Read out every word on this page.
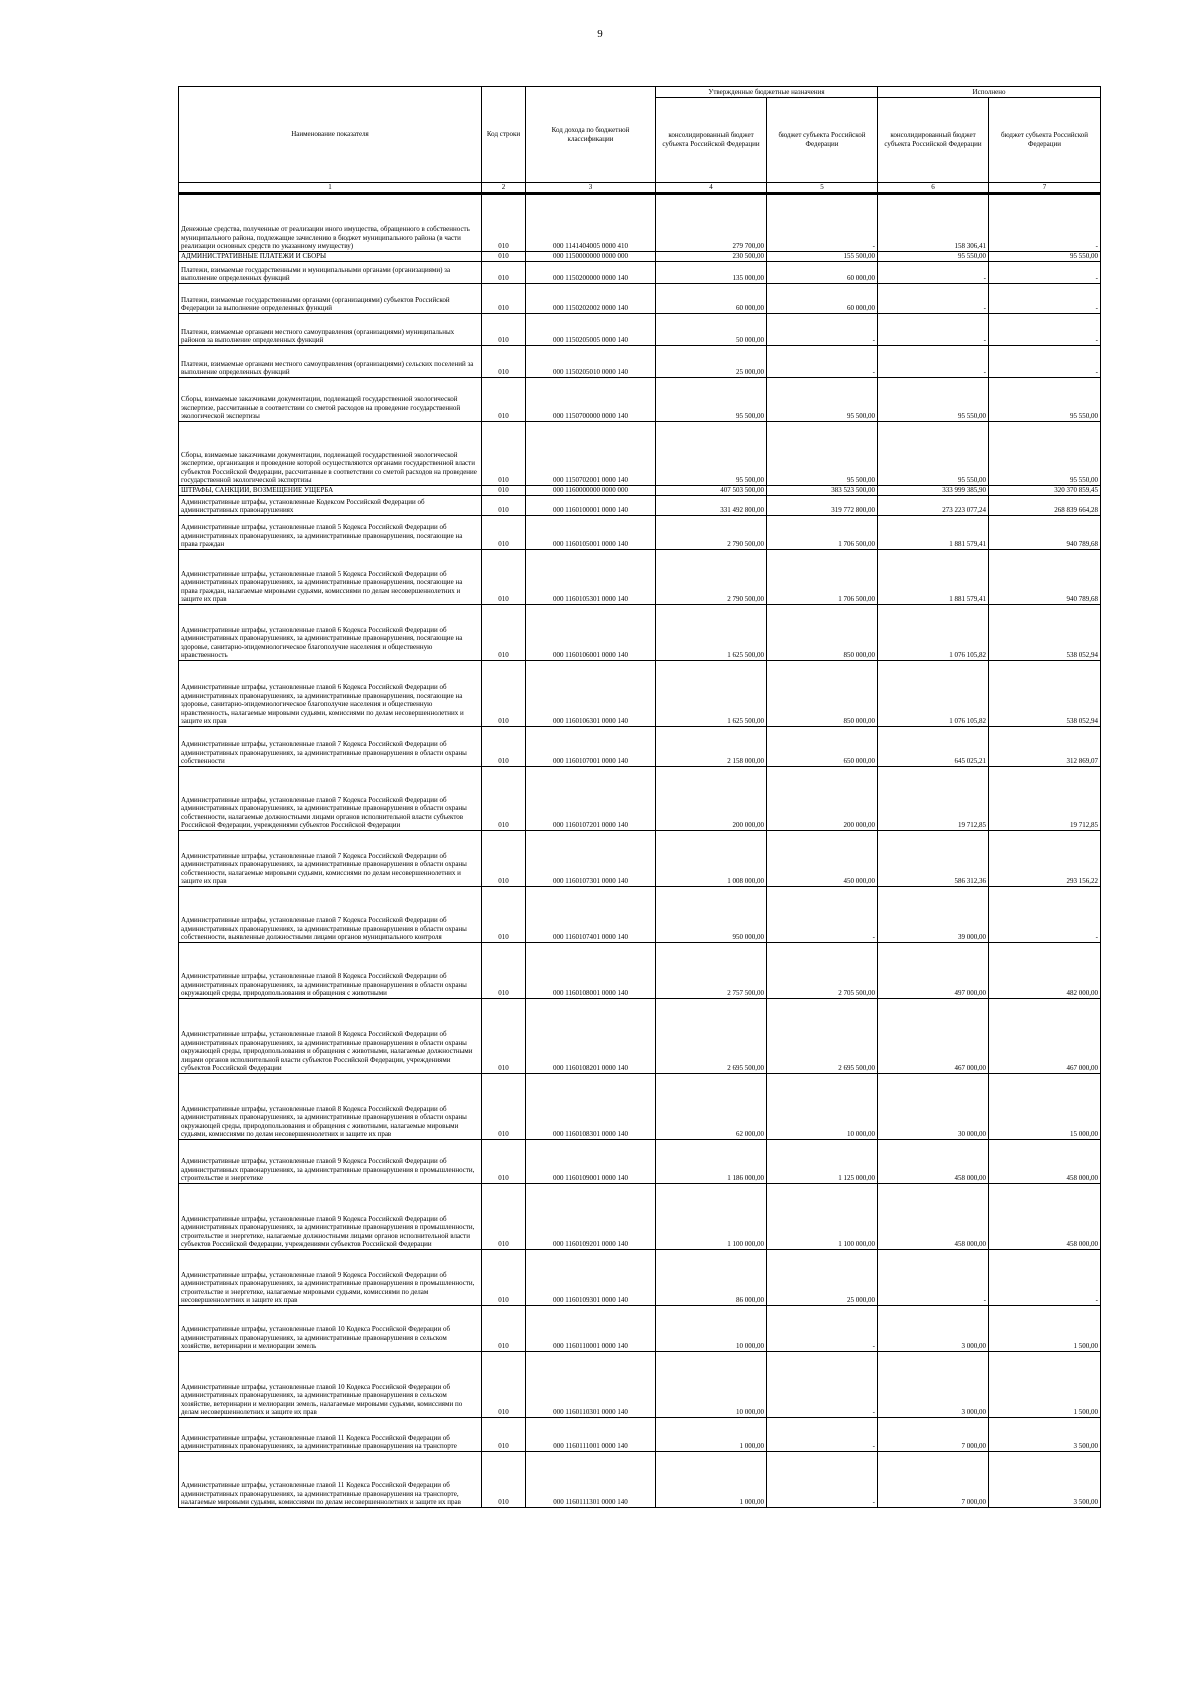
9
Наименование показателя	Код строки	Код дохода по бюджетной классификации	Утвержденные бюджетные назначения		Исполнено	
			консолидированный бюджет субъекта Российской Федерации	бюджет субъекта Российской Федерации	консолидированный бюджет субъекта Российской Федерации	бюджет субъекта Российской Федерации
1	2	3	4	5	6	7
Денежные средства, полученные от реализации иного имущества, обращенного в собственность муниципального района, подлежащие зачислению в бюджет муниципального района (в части реализации основных средств по указанному имуществу)	010	000 1141404005 0000 410	279 700,00	-	158 306,41	-
АДМИНИСТРАТИВНЫЕ ПЛАТЕЖИ И СБОРЫ	010	000 1150000000 0000 000	230 500,00	155 500,00	95 550,00	95 550,00
Платежи, взимаемые государственными и муниципальными органами (организациями) за выполнение определенных функций	010	000 1150200000 0000 140	135 000,00	60 000,00	-	-
Платежи, взимаемые государственными органами (организациями) субъектов Российской Федерации за выполнение определенных функций	010	000 1150202002 0000 140	60 000,00	60 000,00	-	-
Платежи, взимаемые органами местного самоуправления (организациями) муниципальных районов за выполнение определенных функций	010	000 1150205005 0000 140	50 000,00	-	-	-
Платежи, взимаемые органами местного самоуправления (организациями) сельских поселений за выполнение определенных функций	010	000 1150205010 0000 140	25 000,00	-	-	-
Сборы, взимаемые заказчиками документации, подлежащей государственной экологической экспертизе, рассчитанные в соответствии со сметой расходов на проведение государственной экологической экспертизы	010	000 1150700000 0000 140	95 500,00	95 500,00	95 550,00	95 550,00
Сборы, взимаемые заказчиками документации, подлежащей государственной экологической экспертизе, организация и проведение которой осуществляются органами государственной власти субъектов Российской Федерации, рассчитанные в соответствии со сметой расходов на проведение государственной экологической экспертизы	010	000 1150702001 0000 140	95 500,00	95 500,00	95 550,00	95 550,00
ШТРАФЫ, САНКЦИИ, ВОЗМЕЩЕНИЕ УЩЕРБА	010	000 1160000000 0000 000	407 503 500,00	383 523 500,00	333 999 385,90	320 370 859,45
Административные штрафы, установленные Кодексом Российской Федерации об административных правонарушениях	010	000 1160100001 0000 140	331 492 800,00	319 772 800,00	273 223 077,24	268 839 664,28
Административные штрафы, установленные главой 5 Кодекса Российской Федерации об административных правонарушениях, за административные правонарушения, посягающие на права граждан	010	000 1160105001 0000 140	2 790 500,00	1 706 500,00	1 881 579,41	940 789,68
Административные штрафы, установленные главой 5 Кодекса Российской Федерации об административных правонарушениях, за административные правонарушения, посягающие на права граждан, налагаемые мировыми судьями, комиссиями по делам несовершеннолетних и защите их прав	010	000 1160105301 0000 140	2 790 500,00	1 706 500,00	1 881 579,41	940 789,68
Административные штрафы, установленные главой 6 Кодекса Российской Федерации об административных правонарушениях, за административные правонарушения, посягающие на здоровье, санитарно-эпидемиологическое благополучие населения и общественную нравственность	010	000 1160106001 0000 140	1 625 500,00	850 000,00	1 076 105,82	538 052,94
Административные штрафы, установленные главой 6 Кодекса Российской Федерации об административных правонарушениях, за административные правонарушения, посягающие на здоровье, санитарно-эпидемиологическое благополучие населения и общественную нравственность, налагаемые мировыми судьями, комиссиями по делам несовершеннолетних и защите их прав	010	000 1160106301 0000 140	1 625 500,00	850 000,00	1 076 105,82	538 052,94
Административные штрафы, установленные главой 7 Кодекса Российской Федерации об административных правонарушениях, за административные правонарушения в области охраны собственности	010	000 1160107001 0000 140	2 158 000,00	650 000,00	645 025,21	312 869,07
Административные штрафы, установленные главой 7 Кодекса Российской Федерации об административных правонарушениях, за административные правонарушения в области охраны собственности, налагаемые должностными лицами органов исполнительной власти субъектов Российской Федерации, учреждениями субъектов Российской Федерации	010	000 1160107201 0000 140	200 000,00	200 000,00	19 712,85	19 712,85
Административные штрафы, установленные главой 7 Кодекса Российской Федерации об административных правонарушениях, за административные правонарушения в области охраны собственности, налагаемые мировыми судьями, комиссиями по делам несовершеннолетних и защите их прав	010	000 1160107301 0000 140	1 008 000,00	450 000,00	586 312,36	293 156,22
Административные штрафы, установленные главой 7 Кодекса Российской Федерации об административных правонарушениях, за административные правонарушения в области охраны собственности, выявленные должностными лицами органов муниципального контроля	010	000 1160107401 0000 140	950 000,00	-	39 000,00	-
Административные штрафы, установленные главой 8 Кодекса Российской Федерации об административных правонарушениях, за административные правонарушения в области охраны окружающей среды, природопользования и обращения с животными	010	000 1160108001 0000 140	2 757 500,00	2 705 500,00	497 000,00	482 000,00
Административные штрафы, установленные главой 8 Кодекса Российской Федерации об административных правонарушениях, за административные правонарушения в области охраны окружающей среды, природопользования и обращения с животными, налагаемые должностными лицами органов исполнительной власти субъектов Российской Федерации, учреждениями субъектов Российской Федерации	010	000 1160108201 0000 140	2 695 500,00	2 695 500,00	467 000,00	467 000,00
Административные штрафы, установленные главой 8 Кодекса Российской Федерации об административных правонарушениях, за административные правонарушения в области охраны окружающей среды, природопользования и обращения с животными, налагаемые мировыми судьями, комиссиями по делам несовершеннолетних и защите их прав	010	000 1160108301 0000 140	62 000,00	10 000,00	30 000,00	15 000,00
Административные штрафы, установленные главой 9 Кодекса Российской Федерации об административных правонарушениях, за административные правонарушения в промышленности, строительстве и энергетике	010	000 1160109001 0000 140	1 186 000,00	1 125 000,00	458 000,00	458 000,00
Административные штрафы, установленные главой 9 Кодекса Российской Федерации об административных правонарушениях, за административные правонарушения в промышленности, строительстве и энергетике, налагаемые должностными лицами органов исполнительной власти субъектов Российской Федерации, учреждениями субъектов Российской Федерации	010	000 1160109201 0000 140	1 100 000,00	1 100 000,00	458 000,00	458 000,00
Административные штрафы, установленные главой 9 Кодекса Российской Федерации об административных правонарушениях, за административные правонарушения в промышленности, строительстве и энергетике, налагаемые мировыми судьями, комиссиями по делам несовершеннолетних и защите их прав	010	000 1160109301 0000 140	86 000,00	25 000,00	-	-
Административные штрафы, установленные главой 10 Кодекса Российской Федерации об административных правонарушениях, за административные правонарушения в сельском хозяйстве, ветеринарии и мелиорации земель	010	000 1160110001 0000 140	10 000,00	-	3 000,00	1 500,00
Административные штрафы, установленные главой 10 Кодекса Российской Федерации об административных правонарушениях, за административные правонарушения в сельском хозяйстве, ветеринарии и мелиорации земель, налагаемые мировыми судьями, комиссиями по делам несовершеннолетних и защите их прав	010	000 1160110301 0000 140	10 000,00	-	3 000,00	1 500,00
Административные штрафы, установленные главой 11 Кодекса Российской Федерации об административных правонарушениях, за административные правонарушения на транспорте	010	000 1160111001 0000 140	1 000,00	-	7 000,00	3 500,00
Административные штрафы, установленные главой 11 Кодекса Российской Федерации об административных правонарушениях, за административные правонарушения на транспорте, налагаемые мировыми судьями, комиссиями по делам несовершеннолетних и защите их прав	010	000 1160111301 0000 140	1 000,00	-	7 000,00	3 500,00
